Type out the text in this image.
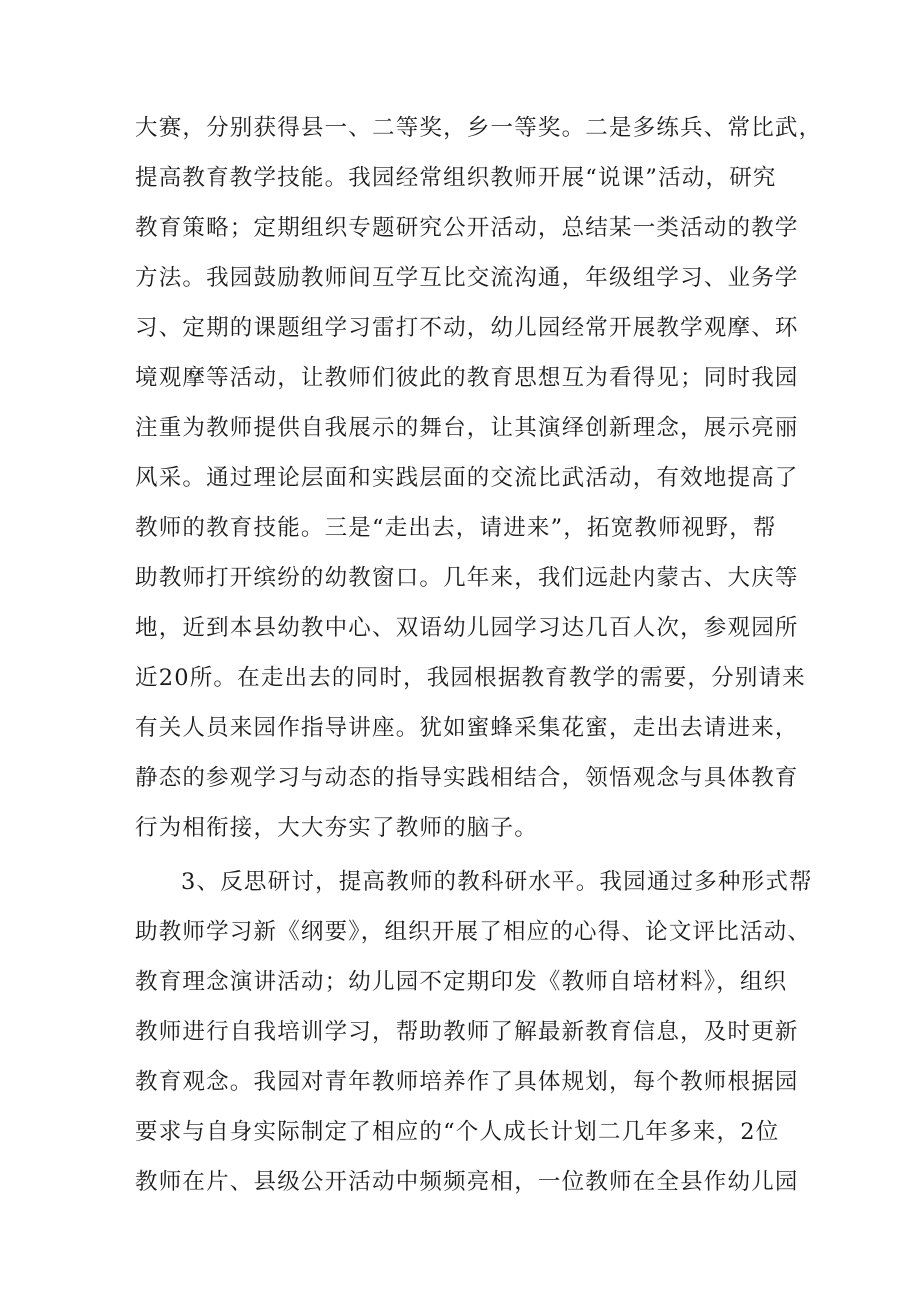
大赛，分别获得县一、二等奖，乡一等奖。二是多练兵、常比武，
提高教育教学技能。我园经常组织教师开展“说课”活动，研究
教育策略；定期组织专题研究公开活动，总结某一类活动的教学
方法。我园鼓励教师间互学互比交流沟通，年级组学习、业务学
习、定期的课题组学习雷打不动，幼儿园经常开展教学观摩、环
境观摩等活动，让教师们彼此的教育思想互为看得见；同时我园
注重为教师提供自我展示的舞台，让其演绎创新理念，展示亮丽
风采。通过理论层面和实践层面的交流比武活动，有效地提高了
教师的教育技能。三是“走出去，请进来”，拓宽教师视野，帮
助教师打开缤纷的幼教窗口。几年来，我们远赴内蒙古、大庆等
地，近到本县幼教中心、双语幼儿园学习达几百人次，参观园所
近20所。在走出去的同时，我园根据教育教学的需要，分别请来
有关人员来园作指导讲座。犹如蜜蜂采集花蜜，走出去请进来，
静态的参观学习与动态的指导实践相结合，领悟观念与具体教育
行为相衔接，大大夯实了教师的脑子。
3、反思研讨，提高教师的教科研水平。我园通过多种形式帮
助教师学习新《纲要》，组织开展了相应的心得、论文评比活动、
教育理念演讲活动；幼儿园不定期印发《教师自培材料》，组织
教师进行自我培训学习，帮助教师了解最新教育信息，及时更新
教育观念。我园对青年教师培养作了具体规划，每个教师根据园
要求与自身实际制定了相应的“个人成长计划二几年多来，2位
教师在片、县级公开活动中频频亮相，一位教师在全县作幼儿园
